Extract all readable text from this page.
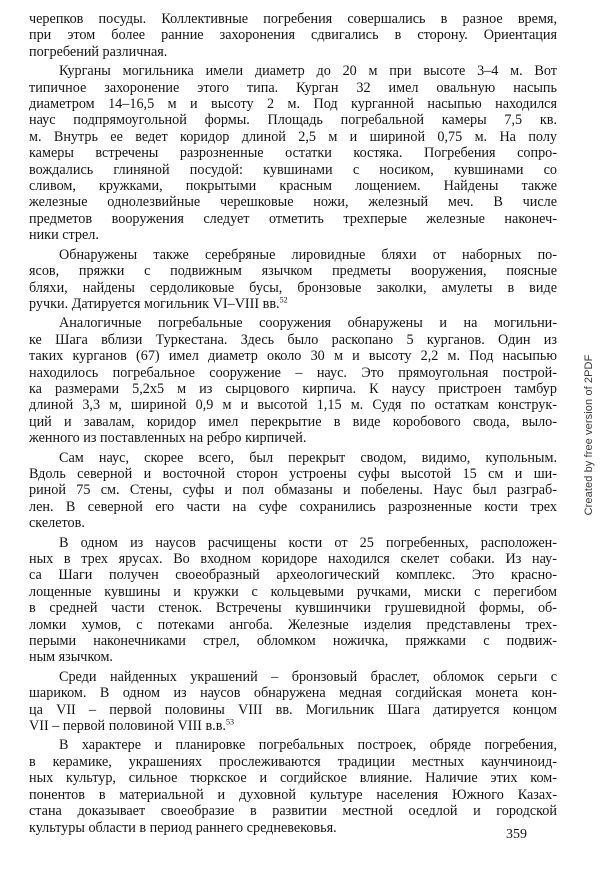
черепков посуды. Коллективные погребения совершались в разное время,
при этом более ранние захоронения сдвигались в сторону. Ориентация
погребений различная.

Курганы могильника имели диаметр до 20 м при высоте 3–4 м. Вот
типичное захоронение этого типа. Курган 32 имел овальную насыпь
диаметром 14–16,5 м и высоту 2 м. Под курганной насыпью находился
наус подпрямоугольной формы. Площадь погребальной камеры 7,5 кв.
м. Внутрь ее ведет коридор длиной 2,5 м и шириной 0,75 м. На полу
камеры встречены разрозненные остатки костяка. Погребения сопро-
вождались глиняной посудой: кувшинами с носиком, кувшинами со
сливом, кружками, покрытыми красным лощением. Найдены также
железные однолезвийные черешковые ножи, железный меч. В числе
предметов вооружения следует отметить трехперые железные наконеч-
ники стрел.

Обнаружены также серебряные лировидные бляхи от наборных по-
ясов, пряжки с подвижным язычком предметы вооружения, поясные
бляхи, найдены сердоликовые бусы, бронзовые заколки, амулеты в виде
ручки. Датируется могильник VI–VIII вв.$^{52}$

Аналогичные погребальные сооружения обнаружены и на могильни-
ке Шага вблизи Туркестана. Здесь было раскопано 5 курганов. Один из
таких курганов (67) имел диаметр около 30 м и высоту 2,2 м. Под насыпью
находилось погребальное сооружение – наус. Это прямоугольная построй-
ка размерами 5,2х5 м из сырцового кирпича. К наусу пристроен тамбур
длиной 3,3 м, шириной 0,9 м и высотой 1,15 м. Судя по остаткам конструк-
ций и завалам, коридор имел перекрытие в виде коробового свода, выло-
женного из поставленных на ребро кирпичей.

Сам наус, скорее всего, был перекрыт сводом, видимо, купольным.
Вдоль северной и восточной сторон устроены суфы высотой 15 см и ши-
риной 75 см. Стены, суфы и пол обмазаны и побелены. Наус был разграб-
лен. В северной его части на суфе сохранились разрозненные кости трех
скелетов.

В одном из наусов расчищены кости от 25 погребенных, расположен-
ных в трех ярусах. Во входном коридоре находился скелет собаки. Из нау-
са Шаги получен своеобразный археологический комплекс. Это красно-
лощенные кувшины и кружки с кольцевыми ручками, миски с перегибом
в средней части стенок. Встречены кувшинчики грушевидной формы, об-
ломки хумов, с потеками ангоба. Железные изделия представлены трех-
перыми наконечниками стрел, обломком ножичка, пряжками с подвиж-
ным язычком.

Среди найденных украшений – бронзовый браслет, обломок серьги с
шариком. В одном из наусов обнаружена медная согдийская монета кон-
ца VII – первой половины VIII вв. Могильник Шага датируется концом
VII – первой половиной VIII в.в.$^{53}$

В характере и планировке погребальных построек, обряде погребения,
в керамике, украшениях прослеживаются традиции местных каунчиноид-
ных культур, сильное тюркское и согдийское влияние. Наличие этих ком-
понентов в материальной и духовной культуре населения Южного Казах-
стана доказывает своеобразие в развитии местной оседлой и городской
культуры области в период раннего средневековья.

Created by free version of 2PDF
359
